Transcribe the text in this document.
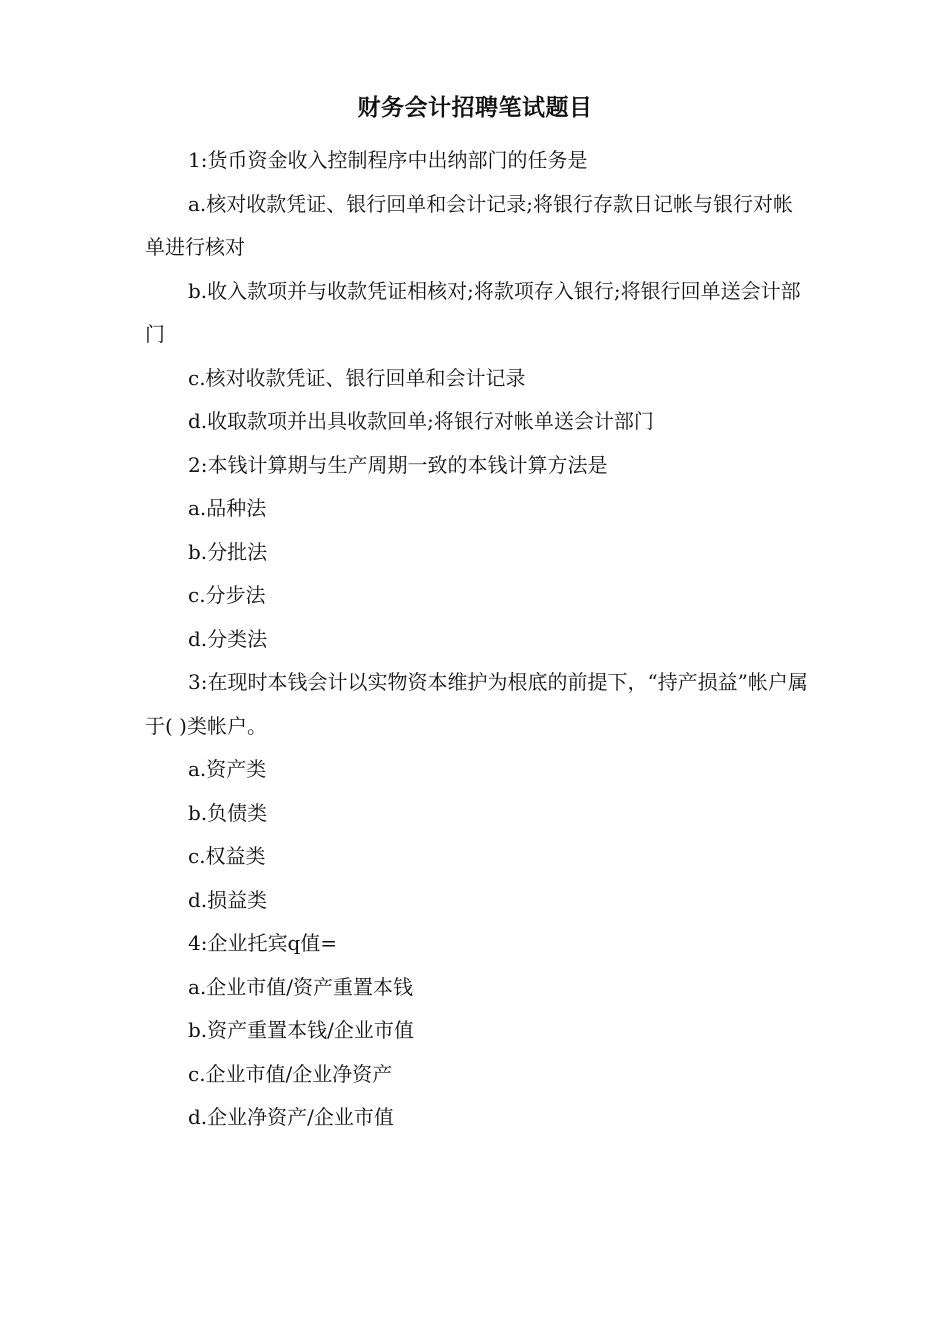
财务会计招聘笔试题目

1:货币资金收入控制程序中出纳部门的任务是

a.核对收款凭证、银行回单和会计记录;将银行存款日记帐与银行对帐单进行核对

b.收入款项并与收款凭证相核对;将款项存入银行;将银行回单送会计部门

c.核对收款凭证、银行回单和会计记录

d.收取款项并出具收款回单;将银行对帐单送会计部门

2:本钱计算期与生产周期一致的本钱计算方法是

a.品种法

b.分批法

c.分步法

d.分类法

3:在现时本钱会计以实物资本维护为根底的前提下，“持产损益”帐户属于( )类帐户。

a.资产类

b.负债类

c.权益类

d.损益类

4:企业托宾q值=

a.企业市值/资产重置本钱

b.资产重置本钱/企业市值

c.企业市值/企业净资产

d.企业净资产/企业市值
